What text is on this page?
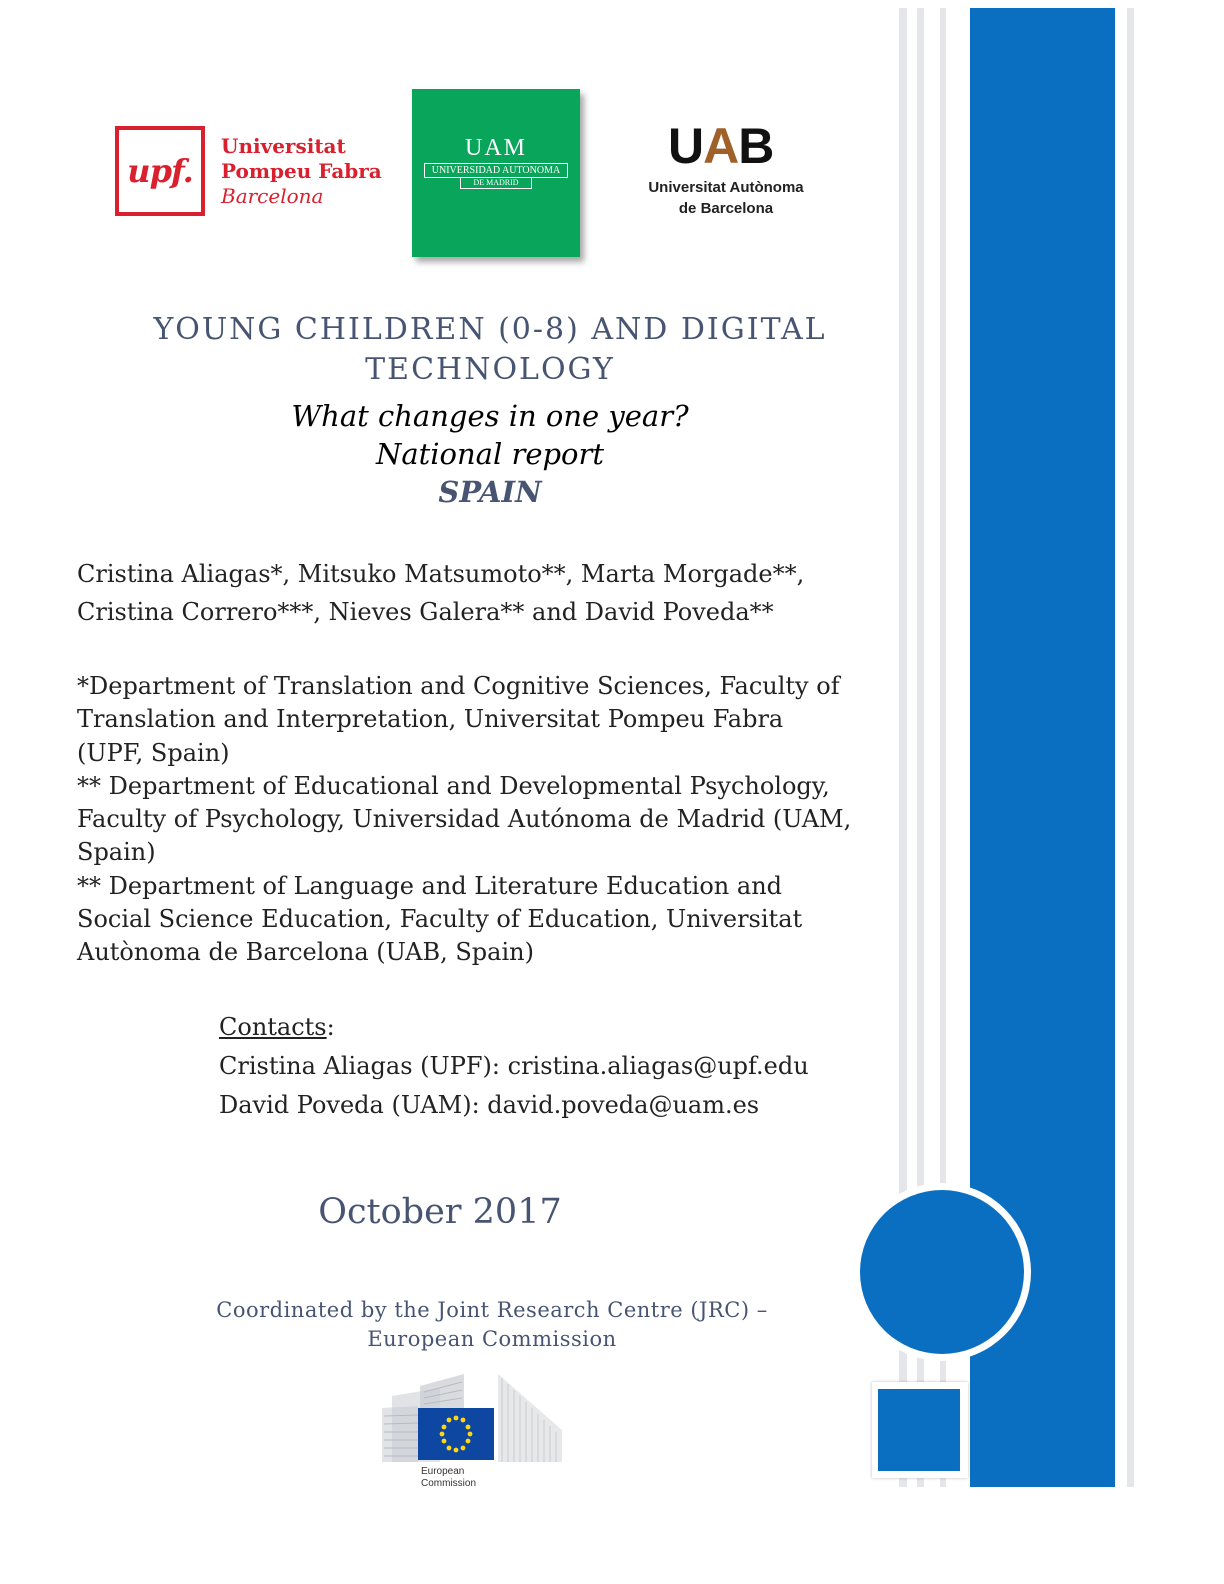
upf.
Universitat
Pompeu Fabra
Barcelona
UAM
UNIVERSIDAD AUTONOMA
DE MADRID
UAB
Universitat Autònoma
de Barcelona
YOUNG CHILDREN (0-8) AND DIGITAL
TECHNOLOGY
What changes in one year?
National report
SPAIN
Cristina Aliagas*, Mitsuko Matsumoto**, Marta Morgade**,
Cristina Correro***, Nieves Galera** and David Poveda**
*Department of Translation and Cognitive Sciences, Faculty of
Translation and Interpretation, Universitat Pompeu Fabra
(UPF, Spain)
** Department of Educational and Developmental Psychology,
Faculty of Psychology, Universidad Autónoma de Madrid (UAM,
Spain)
** Department of Language and Literature Education and
Social Science Education, Faculty of Education, Universitat
Autònoma de Barcelona (UAB, Spain)
Contacts:
Cristina Aliagas (UPF): cristina.aliagas@upf.edu
David Poveda (UAM): david.poveda@uam.es
October 2017
Coordinated by the Joint Research Centre (JRC) –
European Commission
European
Commission
